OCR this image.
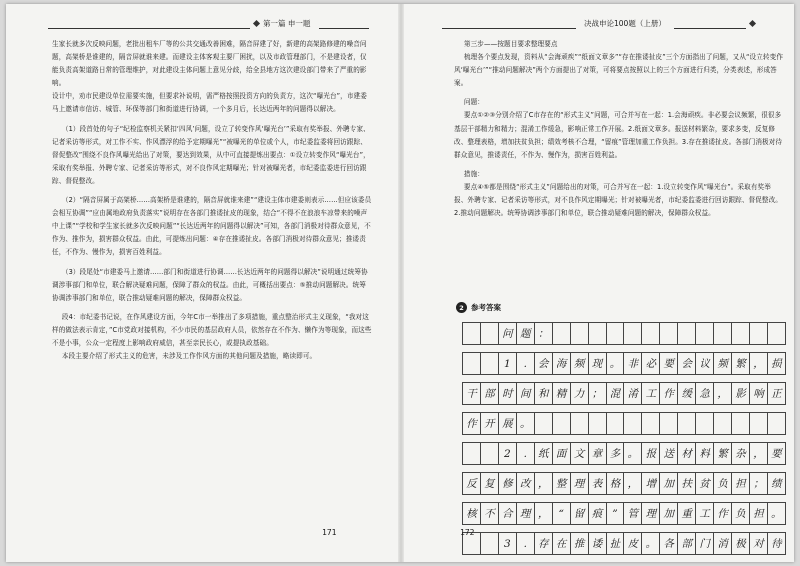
第一篇 申一题

生家长就多次反映问题，老批出租车厂等的公共交通改善困难，隔音屏建了好，新建的高架路修建的噪音问题，高架桥是谁建的，隔音屏就谁来建。而建设主体客观主要厂困扰，以及市政管理部门，不是建设者，仅能负责高架道路日常的管理维护，对此建设主体问题上意见分歧，给全县地方这次建设部门带来了严重的影响。

设计中，劝市民建设单位需要实施，但要求补说明，需严格按照投资方向的负责方，这次“曝光台”，市建委马上邀请市信访、城管、环保等部门和街道进行协调，一个多月后，长达近两年的问题得以解决。

（1）段首处的句子“纪检监察机关紧扣‘四风’问题，设立了转变作风‘曝光台’”采取有奖举报、外聘专家、记者采访等形式，对工作不实、作风漂浮的给予定期曝光”“被曝光的单位或个人，市纪委监委将回访跟踪、督促整改”围绕不良作风曝光给出了对策，要达到效果，从中可直接提炼出要点：①设立转变作风“曝光台”，采取有奖举报、外聘专家、记者采访等形式，对不良作风定期曝光；针对被曝光者，市纪委监委进行回访跟踪、督促整改。

（2）“隔音屏属于高架桥……高架桥是谁建的，隔音屏就谁来建”“建设主体市建委则表示……但应该委员会相互协调”“应由属地政府负责落实”说明存在各部门推诿扯皮的现象，结合“不得不在浪浪车凉带来的噪声中上课”“学校和学生家长就多次反映问题”“长达近两年的问题得以解决”可知，各部门消极对待群众意见，不作为、推作为，损害群众权益。由此，可提炼出问题：④存在推诿扯皮。各部门消极对待群众意见；推诿责任，不作为、慢作为，损害百姓利益。

（3）段尾处“市建委马上邀请……部门和街道进行协调……长达近两年的问题得以解决”说明通过统筹协调涉事部门和单位，联合解决疑难问题，保障了群众的权益。由此，可概括出要点：⑤推动问题解决。统筹协调涉事部门和单位，联合推动疑难问题的解决，保障群众权益。

段4：市纪委书记说，在作风建设方面，今年C市一举推出了多项措施，重点整治形式主义现象，“我对这样的做法表示肯定，”C市党政对接机构，不少市民的基层政府人员，依然存在不作为、懒作为等现象，而这些不是小事，公众一定程度上影响政府威信，甚至亲民长心，或提执政基础。

本段主要介绍了形式主义的危害，未涉及工作作风方面的其他问题及措施，略读即可。

171
决战申论100题（上册）

第三步——按题目要求整理要点

梳理各个要点发现，资料从“会海顽疾”“纸面文章多”“存在推诿扯皮”三个方面指出了问题，又从“设立转变作风‘曝光台’”“推动问题解决”两个方面提出了对策，可将要点按照以上的三个方面进行归类，分类表述，形成答案。

问题：

要点①②③分别介绍了C市存在的“形式主义”问题，可合并写在一起：1.会海顽疾。非必要会议频繁，很很多基层干部精力和精力；混淆工作缓急，影响正常工作开展。2.纸面文章多。报送材料繁杂，要求多变，反复修改、整理表格，增加扶贫负担；绩效考核不合理，“留痕”管理加重工作负担。3.存在推诿扯皮。各部门消极对待群众意见，推诿责任，不作为、慢作为，损害百姓利益。

措施：

要点④⑤都是围绕“形式主义”问题给出的对策，可合并写在一起：1.设立转变作风“曝光台”。采取有奖举报、外聘专家、记者采访等形式，对不良作风定期曝光；针对被曝光者，市纪委监委进行回访跟踪、督促整改。2.推动问题解决。统筹协调涉事部门和单位，联合推动疑难问题的解决，保障群众权益。

2 参考答案
问 题 ：
1	.	会 海 频 现 。 非 必 要 会 议 频 繁 ， 损
干 部 时 间 和 精 力 ； 混 淆 工 作 缓 急 ， 影 响 正
作 开 展 。
2	.	纸 面 文 章 多 。 报 送 材 料 繁 杂 ， 要
反 复 修 改 ， 整 理 表 格 ， 增 加 扶 贫 负 担 ； 绩
核 不 合 理 ， “ 留 痕 ” 管 理 加 重 工 作 负 担 。
3	.	存 在 推 诿 扯 皮 。 各 部 门 消 极 对 待
172
